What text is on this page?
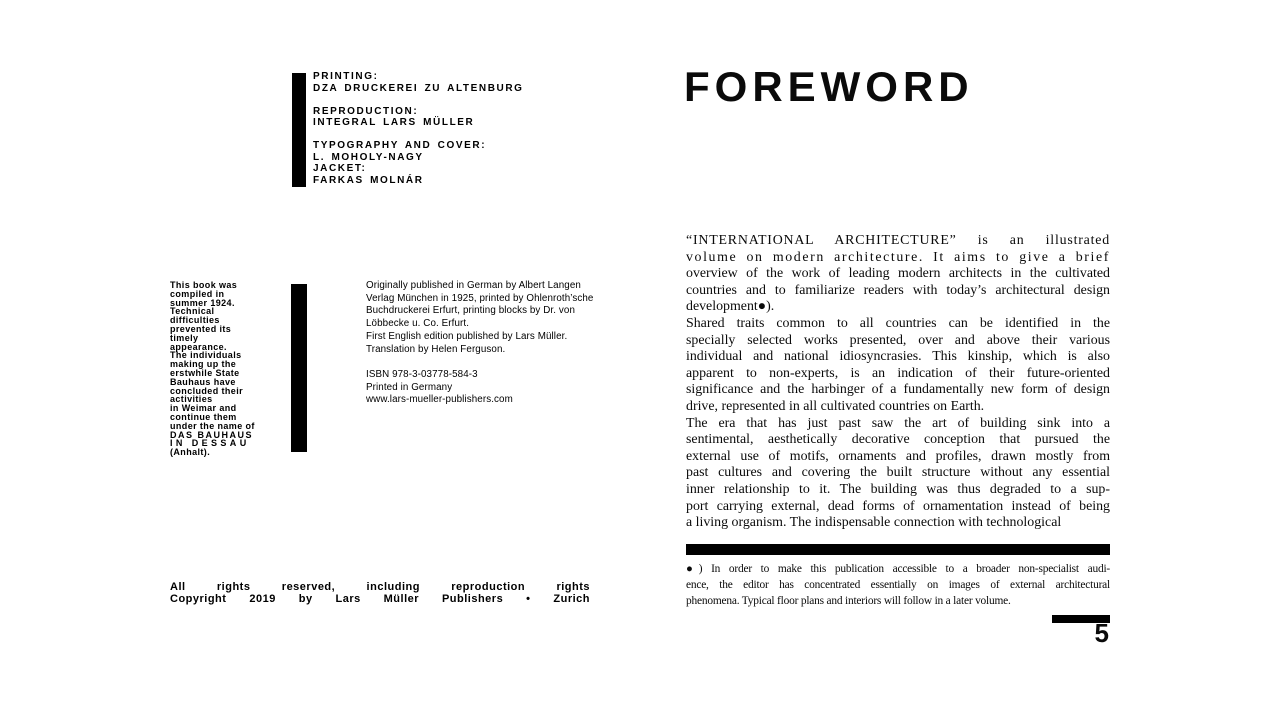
PRINTING:
DZA DRUCKEREI ZU ALTENBURG

REPRODUCTION:
INTEGRAL LARS MÜLLER

TYPOGRAPHY AND COVER:
L. MOHOLY-NAGY
JACKET:
FARKAS MOLNÁR
This book was
compiled in
summer 1924.
Technical
difficulties
prevented its
timely
appearance.
The individuals
making up the
erstwhile State
Bauhaus have
concluded their
activities
in Weimar and
continue them
under the name of
DAS BAUHAUS
IN DESSAU
(Anhalt).
Originally published in German by Albert Langen
Verlag München in 1925, printed by Ohlenroth’sche
Buchdruckerei Erfurt, printing blocks by Dr. von
Löbbecke u. Co. Erfurt.
First English edition published by Lars Müller.
Translation by Helen Ferguson.

ISBN 978-3-03778-584-3
Printed in Germany
www.lars-mueller-publishers.com
All rights reserved, including reproduction rights
Copyright 2019 by Lars Müller Publishers • Zurich
FOREWORD
“INTERNATIONAL ARCHITECTURE” is an illustrated
volume on modern architecture. It aims to give a brief
overview of the work of leading modern architects in the cultivated
countries and to familiarize readers with today’s architectural design
development●).
Shared traits common to all countries can be identified in the
specially selected works presented, over and above their various
individual and national idiosyncrasies. This kinship, which is also
apparent to non-experts, is an indication of their future-oriented
significance and the harbinger of a fundamentally new form of design
drive, represented in all cultivated countries on Earth.
The era that has just past saw the art of building sink into a
sentimental, aesthetically decorative conception that pursued the
external use of motifs, ornaments and profiles, drawn mostly from
past cultures and covering the built structure without any essential
inner relationship to it. The building was thus degraded to a sup-
port carrying external, dead forms of ornamentation instead of being
a living organism. The indispensable connection with technological
●) In order to make this publication accessible to a broader non-specialist audi-
ence, the editor has concentrated essentially on images of external architectural
phenomena. Typical floor plans and interiors will follow in a later volume.
5
